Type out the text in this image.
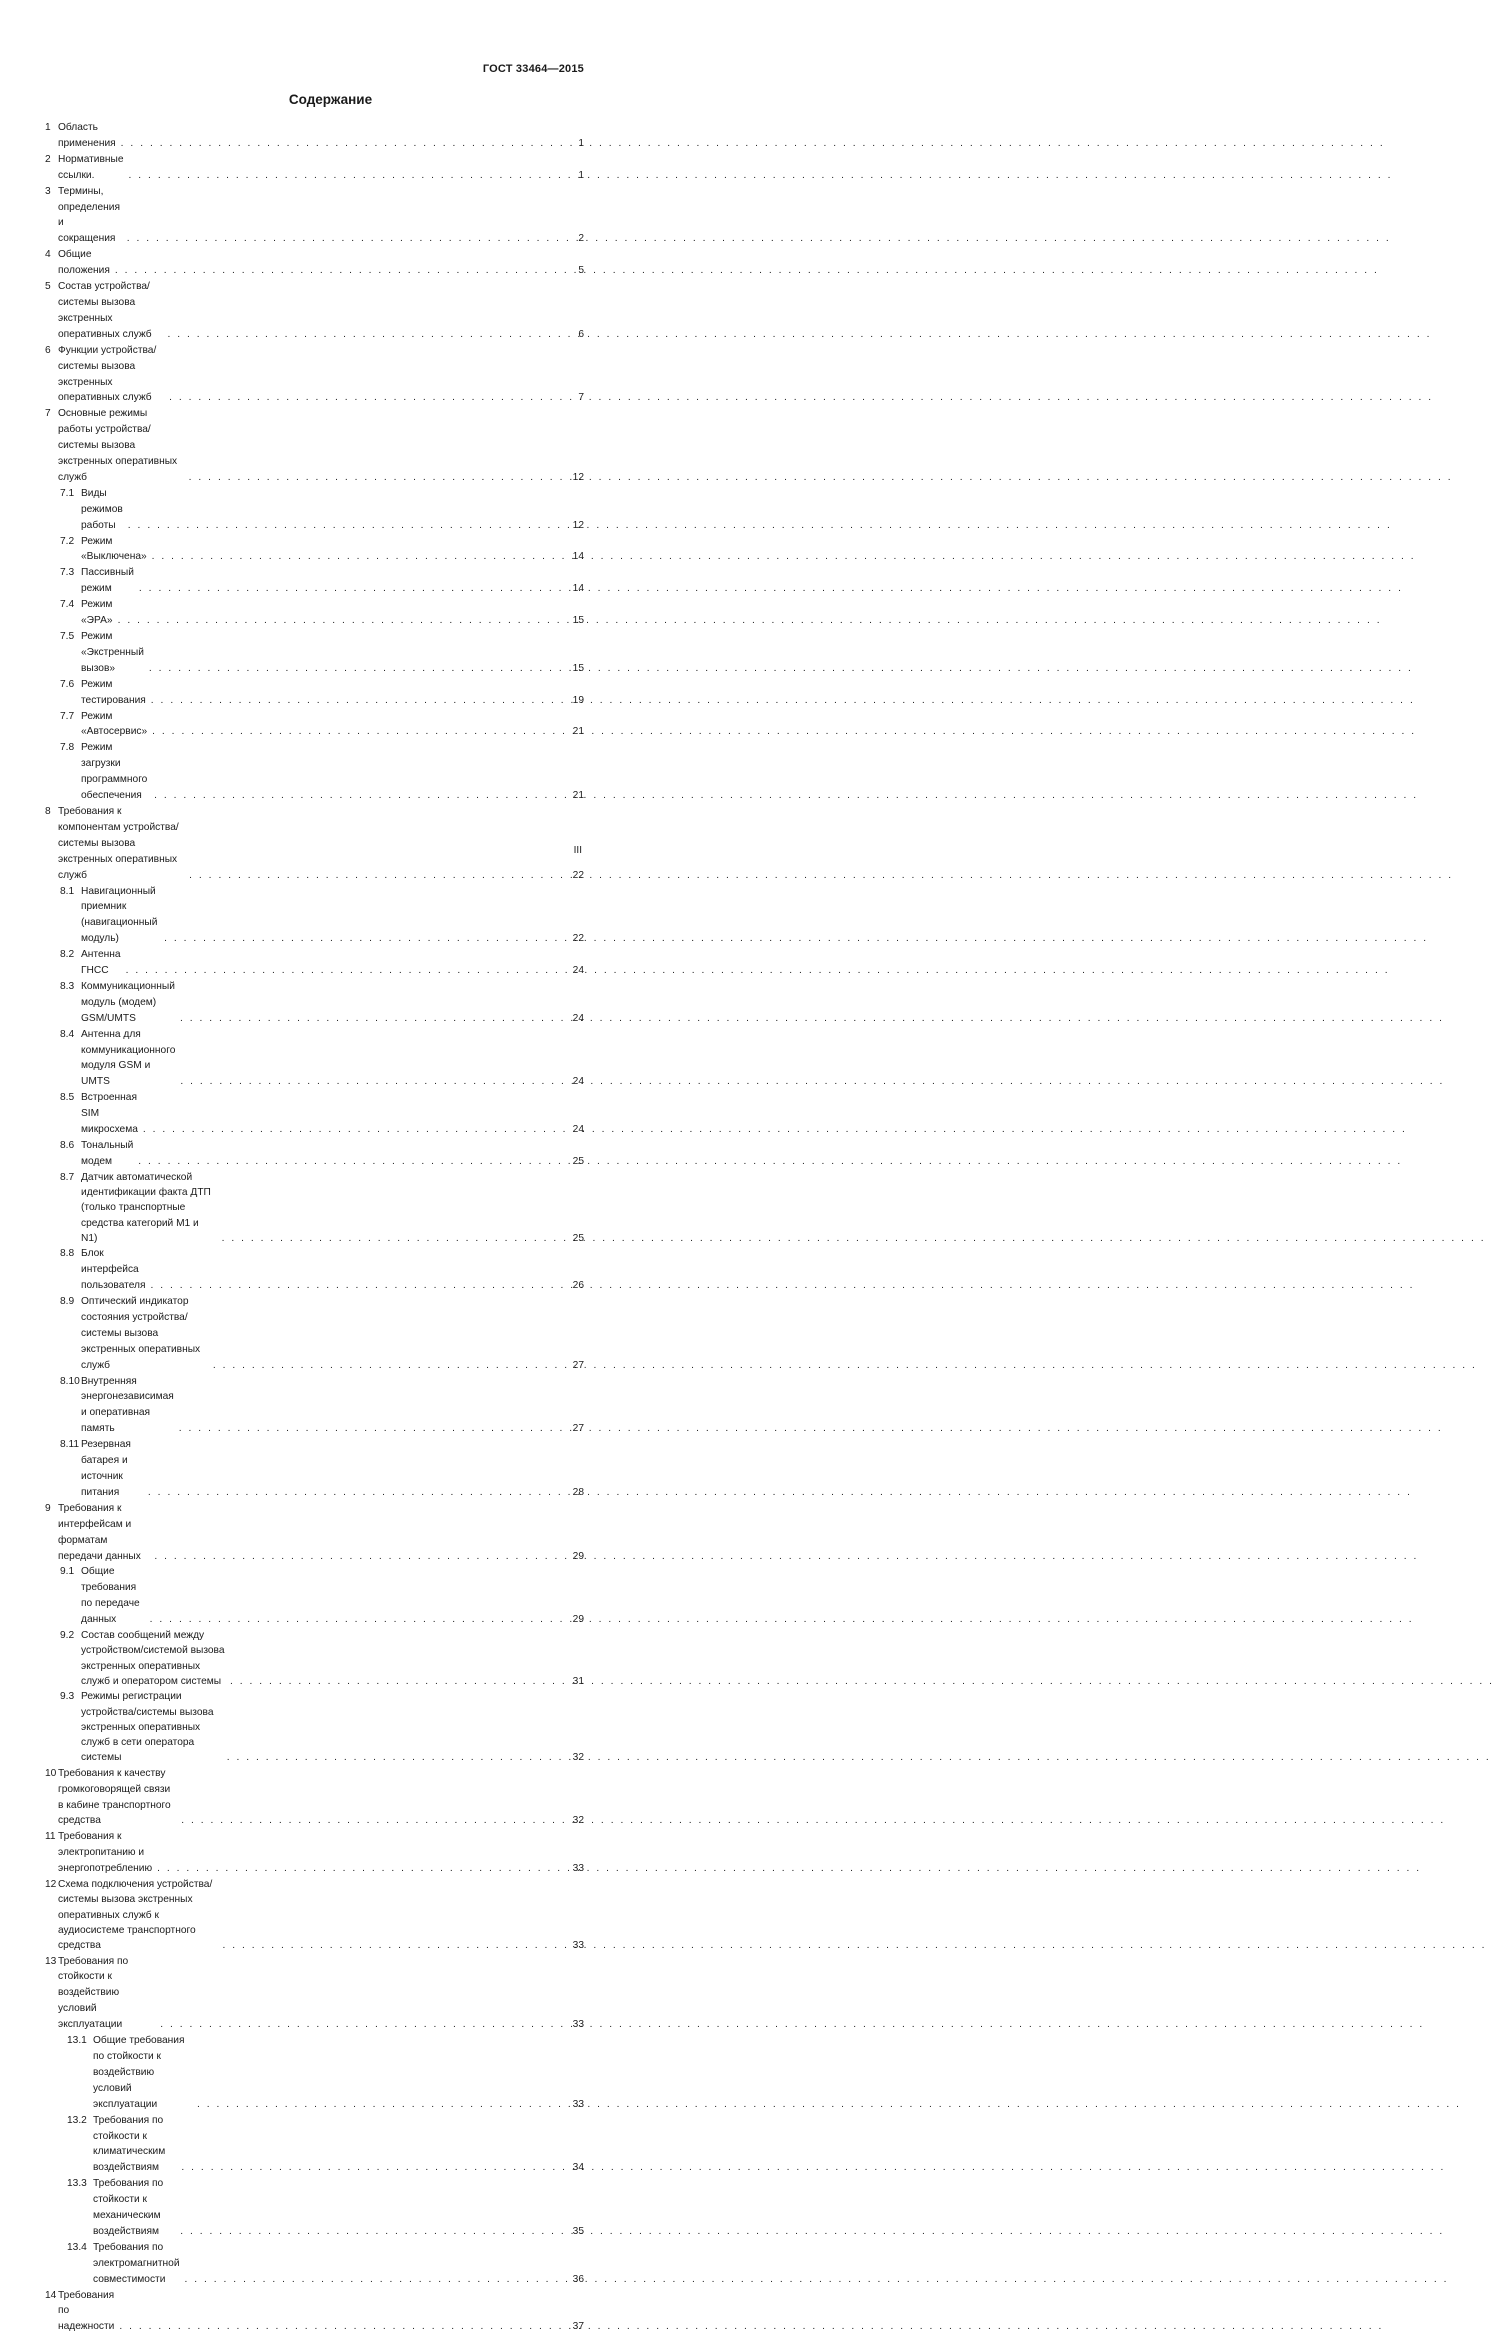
ГОСТ 33464—2015
Содержание
1 Область применения . . .	1
2 Нормативные ссылки. . . .	1
3 Термины, определения и сокращения . . .	2
4 Общие положения . . .	5
5 Состав устройства/системы вызова экстренных оперативных служб . . .	6
6 Функции устройства/системы вызова экстренных оперативных служб . . .	7
7 Основные режимы работы устройства/системы вызова экстренных оперативных служб . . .	12
7.1 Виды режимов работы . . .	12
7.2 Режим «Выключена» . . .	14
7.3 Пассивный режим . . .	14
7.4 Режим «ЭРА» . . .	15
7.5 Режим «Экстренный вызов» . . .	15
7.6 Режим тестирования . . .	19
7.7 Режим «Автосервис» . . .	21
7.8 Режим загрузки программного обеспечения . . .	21
8 Требования к компонентам устройства/системы вызова экстренных оперативных служб . . .	22
8.1 Навигационный приемник (навигационный модуль) . . .	22
8.2 Антенна ГНСС . . .	24
8.3 Коммуникационный модуль (модем) GSM/UMTS . . .	24
8.4 Антенна для коммуникационного модуля GSM и UMTS . . .	24
8.5 Встроенная SIM микросхема . . .	24
8.6 Тональный модем . . .	25
8.7 Датчик автоматической идентификации факта ДТП (только транспортные средства категорий М1 и N1) . . .	25
8.8 Блок интерфейса пользователя . . .	26
8.9 Оптический индикатор состояния устройства/системы вызова экстренных оперативных служб . . .	27
8.10 Внутренняя энергонезависимая и оперативная память . . .	27
8.11 Резервная батарея и источник питания . . .	28
9 Требования к интерфейсам и форматам передачи данных . . .	29
9.1 Общие требования по передаче данных . . .	29
9.2 Состав сообщений между устройством/системой вызова экстренных оперативных служб и оператором системы . . .	31
9.3 Режимы регистрации устройства/системы вызова экстренных оперативных служб в сети оператора системы . . .	32
10 Требования к качеству громкоговорящей связи в кабине транспортного средства . . .	32
11 Требования к электропитанию и энергопотреблению . . .	33
12 Схема подключения устройства/системы вызова экстренных оперативных служб к аудиосистеме транспортного средства . . .	33
13 Требования по стойкости к воздействию условий эксплуатации . . .	33
13.1 Общие требования по стойкости к воздействию условий эксплуатации . . .	33
13.2 Требования по стойкости к климатическим воздействиям . . .	34
13.3 Требования по стойкости к механическим воздействиям . . .	35
13.4 Требования по электромагнитной совместимости . . .	36
14 Требования по надежности . . .	37
III
